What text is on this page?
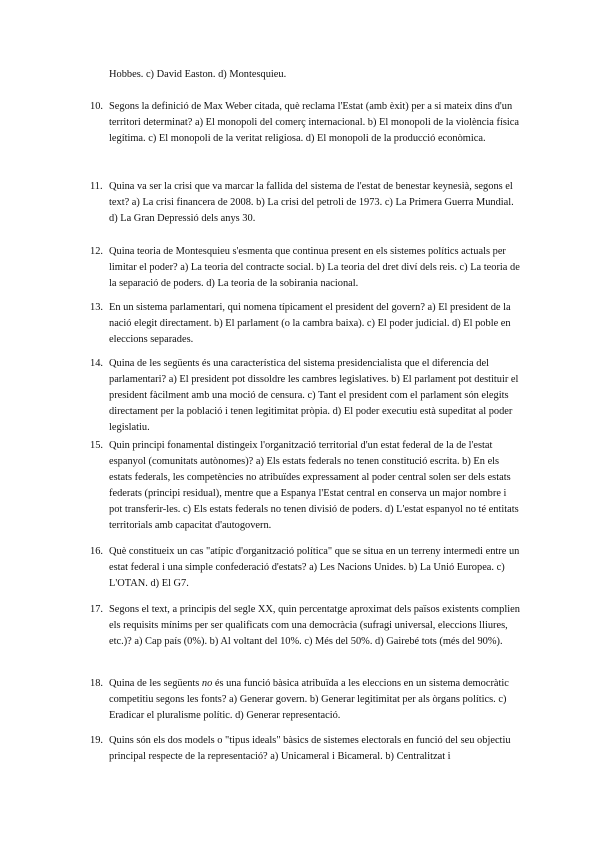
Hobbes. c) David Easton. d) Montesquieu.

10. Segons la definició de Max Weber citada, què reclama l'Estat (amb èxit) per a si mateix dins d'un territori determinat? a) El monopoli del comerç internacional. b) El monopoli de la violència física legítima. c) El monopoli de la veritat religiosa. d) El monopoli de la producció econòmica.
11. Quina va ser la crisi que va marcar la fallida del sistema de l'estat de benestar keynesià, segons el text? a) La crisi financera de 2008. b) La crisi del petroli de 1973. c) La Primera Guerra Mundial. d) La Gran Depressió dels anys 30.
12. Quina teoria de Montesquieu s'esmenta que continua present en els sistemes polítics actuals per limitar el poder? a) La teoria del contracte social. b) La teoria del dret diví dels reis. c) La teoria de la separació de poders. d) La teoria de la sobirania nacional.
13. En un sistema parlamentari, qui nomena típicament el president del govern? a) El president de la nació elegit directament. b) El parlament (o la cambra baixa). c) El poder judicial. d) El poble en eleccions separades.
14. Quina de les següents és una característica del sistema presidencialista que el diferencia del parlamentari? a) El president pot dissoldre les cambres legislatives. b) El parlament pot destituir el president fàcilment amb una moció de censura. c) Tant el president com el parlament són elegits directament per la població i tenen legitimitat pròpia. d) El poder executiu està supeditat al poder legislatiu.
15. Quin principi fonamental distingeix l'organització territorial d'un estat federal de la de l'estat espanyol (comunitats autònomes)? a) Els estats federals no tenen constitució escrita. b) En els estats federals, les competències no atribuïdes expressament al poder central solen ser dels estats federats (principi residual), mentre que a Espanya l'Estat central en conserva un major nombre i pot transferir-les. c) Els estats federals no tenen divisió de poders. d) L'estat espanyol no té entitats territorials amb capacitat d'autogovern.
16. Què constitueix un cas "atípic d'organització política" que se situa en un terreny intermedi entre un estat federal i una simple confederació d'estats? a) Les Nacions Unides. b) La Unió Europea. c) L'OTAN. d) El G7.
17. Segons el text, a principis del segle XX, quin percentatge aproximat dels països existents complien els requisits mínims per ser qualificats com una democràcia (sufragi universal, eleccions lliures, etc.)? a) Cap país (0%). b) Al voltant del 10%. c) Més del 50%. d) Gairebé tots (més del 90%).
18. Quina de les següents no és una funció bàsica atribuïda a les eleccions en un sistema democràtic competitiu segons les fonts? a) Generar govern. b) Generar legitimitat per als òrgans polítics. c) Eradicar el pluralisme polític. d) Generar representació.
19. Quins són els dos models o "tipus ideals" bàsics de sistemes electorals en funció del seu objectiu principal respecte de la representació? a) Unicameral i Bicameral. b) Centralitzat i
